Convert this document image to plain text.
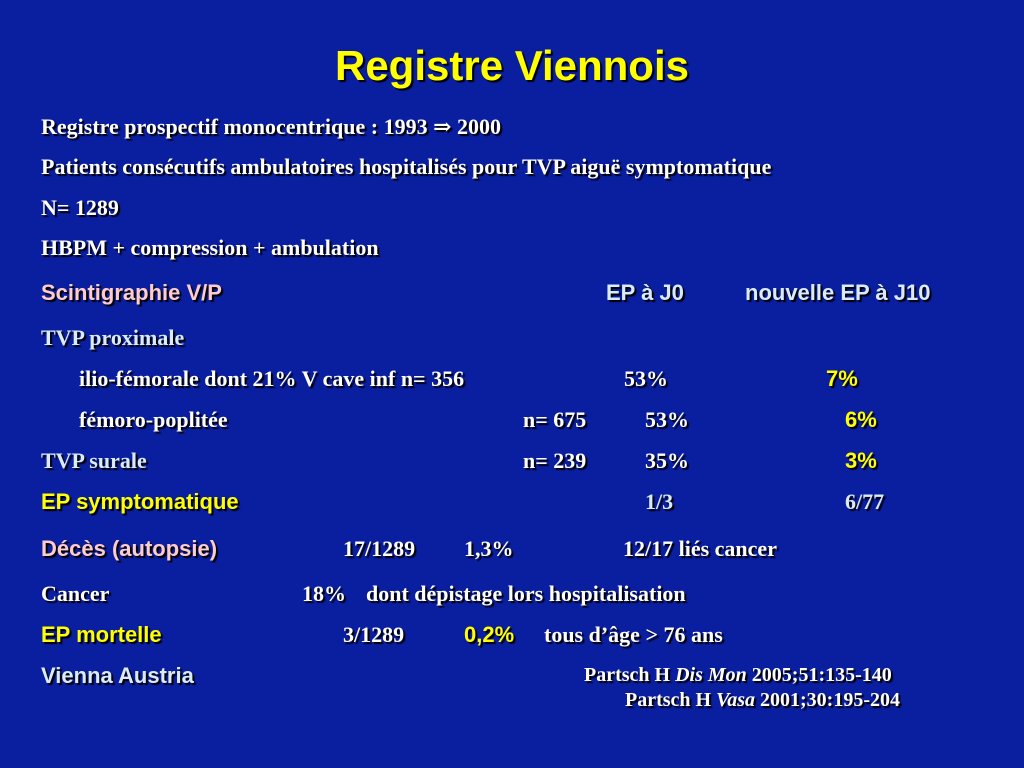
Registre Viennois
Registre prospectif monocentrique : 1993 ⇒ 2000
Patients consécutifs ambulatoires hospitalisés pour TVP aiguë symptomatique
N= 1289
HBPM + compression + ambulation
Scintigraphie V/P	EP à J0	nouvelle EP à J10
TVP proximale
ilio-fémorale dont 21% V cave inf n= 356	53%	7%
fémoro-poplitée	n= 675	53%	6%
TVP surale	n= 239	35%	3%
EP symptomatique	1/3	6/77
Décès (autopsie)	17/1289 1,3%	12/17 liés cancer
Cancer	18% dont dépistage lors hospitalisation
EP mortelle	3/1289	0,2% tous d’âge > 76 ans
Vienna Austria	Partsch H Dis Mon 2005;51:135-140
Partsch H Vasa 2001;30:195-204
